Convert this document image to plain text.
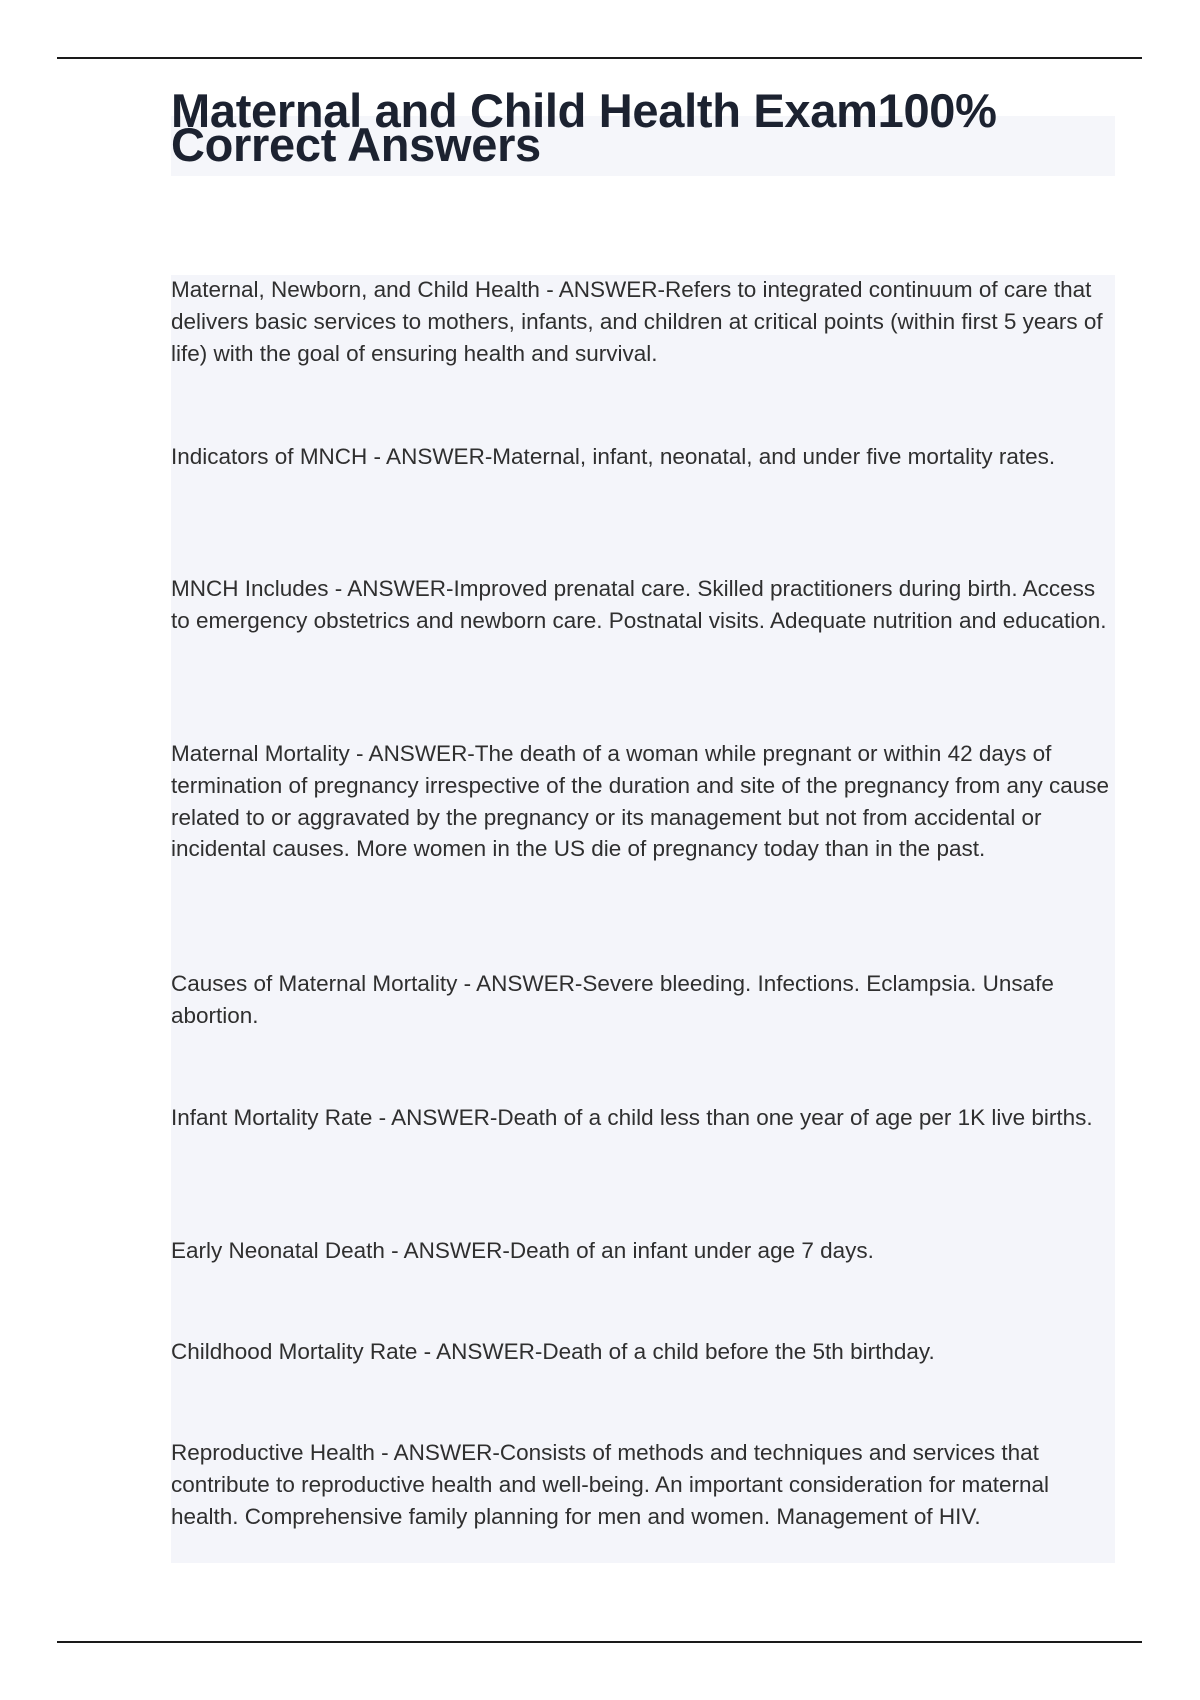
Maternal and Child Health Exam100% Correct Answers

Maternal, Newborn, and Child Health - ANSWER-Refers to integrated continuum of care that delivers basic services to mothers, infants, and children at critical points (within first 5 years of life) with the goal of ensuring health and survival.

Indicators of MNCH - ANSWER-Maternal, infant, neonatal, and under five mortality rates.

MNCH Includes - ANSWER-Improved prenatal care. Skilled practitioners during birth. Access to emergency obstetrics and newborn care. Postnatal visits. Adequate nutrition and education.

Maternal Mortality - ANSWER-The death of a woman while pregnant or within 42 days of termination of pregnancy irrespective of the duration and site of the pregnancy from any cause related to or aggravated by the pregnancy or its management but not from accidental or incidental causes. More women in the US die of pregnancy today than in the past.

Causes of Maternal Mortality - ANSWER-Severe bleeding. Infections. Eclampsia. Unsafe abortion.

Infant Mortality Rate - ANSWER-Death of a child less than one year of age per 1K live births.

Early Neonatal Death - ANSWER-Death of an infant under age 7 days.

Childhood Mortality Rate - ANSWER-Death of a child before the 5th birthday.

Reproductive Health - ANSWER-Consists of methods and techniques and services that contribute to reproductive health and well-being. An important consideration for maternal health. Comprehensive family planning for men and women. Management of HIV.
